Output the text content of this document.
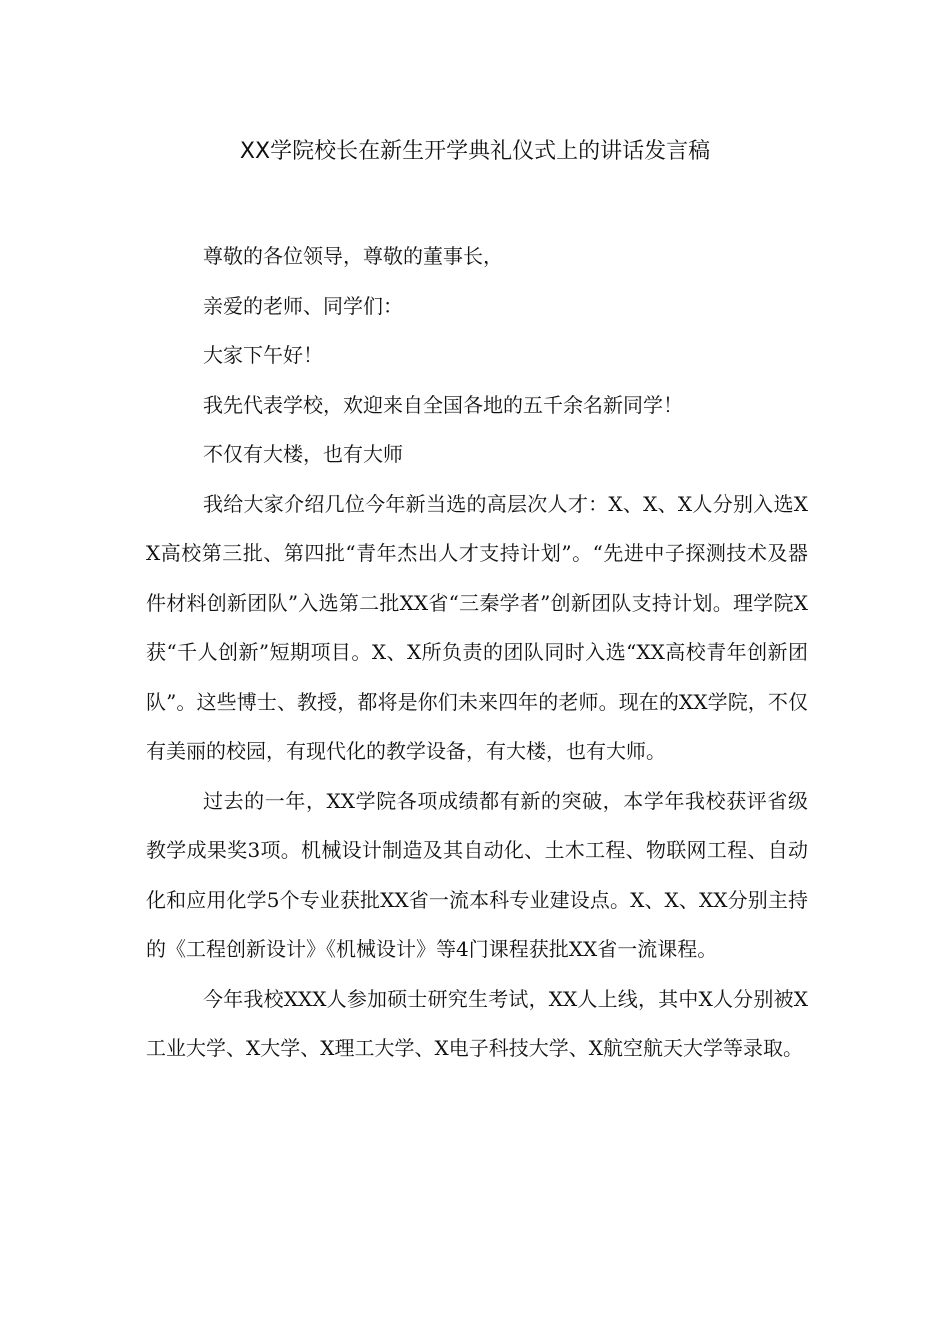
XX学院校长在新生开学典礼仪式上的讲话发言稿

尊敬的各位领导，尊敬的董事长，

亲爱的老师、同学们：

大家下午好！

我先代表学校，欢迎来自全国各地的五千余名新同学！

不仅有大楼，也有大师

我给大家介绍几位今年新当选的高层次人才：X、X、X人分别入选XX高校第三批、第四批“青年杰出人才支持计划”。“先进中子探测技术及器件材料创新团队”入选第二批XX省“三秦学者”创新团队支持计划。理学院X获“千人创新”短期项目。X、X所负责的团队同时入选“XX高校青年创新团队”。这些博士、教授，都将是你们未来四年的老师。现在的XX学院，不仅有美丽的校园，有现代化的教学设备，有大楼，也有大师。

过去的一年，XX学院各项成绩都有新的突破，本学年我校获评省级教学成果奖3项。机械设计制造及其自动化、土木工程、物联网工程、自动化和应用化学5个专业获批XX省一流本科专业建设点。X、X、XX分别主持的《工程创新设计》《机械设计》等4门课程获批XX省一流课程。

今年我校XXX人参加硕士研究生考试，XX人上线，其中X人分别被X工业大学、X大学、X理工大学、X电子科技大学、X航空航天大学等录取。
